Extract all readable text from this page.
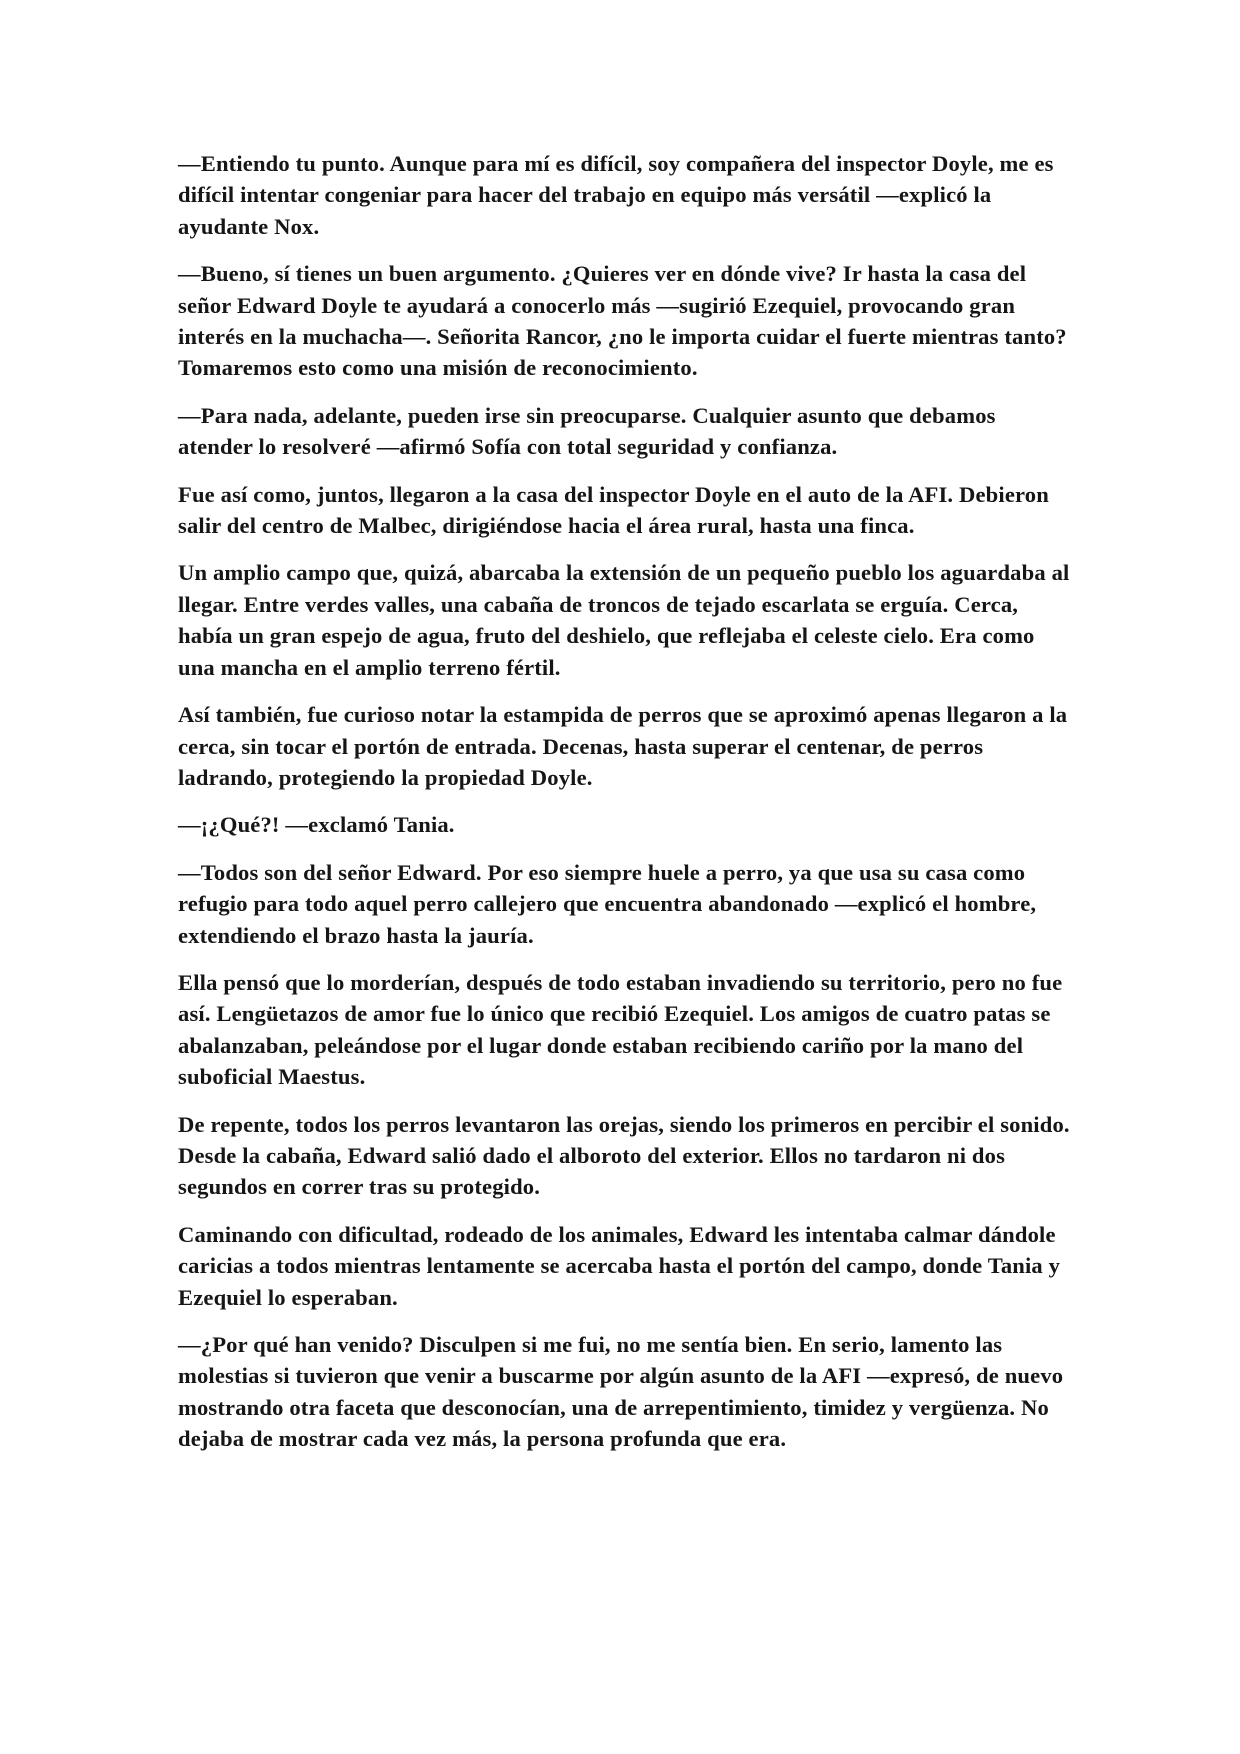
—Entiendo tu punto. Aunque para mí es difícil, soy compañera del inspector Doyle, me es difícil intentar congeniar para hacer del trabajo en equipo más versátil —explicó la ayudante Nox.

—Bueno, sí tienes un buen argumento. ¿Quieres ver en dónde vive? Ir hasta la casa del señor Edward Doyle te ayudará a conocerlo más —sugirió Ezequiel, provocando gran interés en la muchacha—. Señorita Rancor, ¿no le importa cuidar el fuerte mientras tanto? Tomaremos esto como una misión de reconocimiento.

—Para nada, adelante, pueden irse sin preocuparse. Cualquier asunto que debamos atender lo resolveré —afirmó Sofía con total seguridad y confianza.

Fue así como, juntos, llegaron a la casa del inspector Doyle en el auto de la AFI. Debieron salir del centro de Malbec, dirigiéndose hacia el área rural, hasta una finca.

Un amplio campo que, quizá, abarcaba la extensión de un pequeño pueblo los aguardaba al llegar. Entre verdes valles, una cabaña de troncos de tejado escarlata se erguía. Cerca, había un gran espejo de agua, fruto del deshielo, que reflejaba el celeste cielo. Era como una mancha en el amplio terreno fértil.

Así también, fue curioso notar la estampida de perros que se aproximó apenas llegaron a la cerca, sin tocar el portón de entrada. Decenas, hasta superar el centenar, de perros ladrando, protegiendo la propiedad Doyle.

—¡¿Qué?! —exclamó Tania.

—Todos son del señor Edward. Por eso siempre huele a perro, ya que usa su casa como refugio para todo aquel perro callejero que encuentra abandonado —explicó el hombre, extendiendo el brazo hasta la jauría.

Ella pensó que lo morderían, después de todo estaban invadiendo su territorio, pero no fue así. Lengüetazos de amor fue lo único que recibió Ezequiel. Los amigos de cuatro patas se abalanzaban, peleándose por el lugar donde estaban recibiendo cariño por la mano del suboficial Maestus.

De repente, todos los perros levantaron las orejas, siendo los primeros en percibir el sonido. Desde la cabaña, Edward salió dado el alboroto del exterior. Ellos no tardaron ni dos segundos en correr tras su protegido.

Caminando con dificultad, rodeado de los animales, Edward les intentaba calmar dándole caricias a todos mientras lentamente se acercaba hasta el portón del campo, donde Tania y Ezequiel lo esperaban.

—¿Por qué han venido? Disculpen si me fui, no me sentía bien. En serio, lamento las molestias si tuvieron que venir a buscarme por algún asunto de la AFI —expresó, de nuevo mostrando otra faceta que desconocían, una de arrepentimiento, timidez y vergüenza. No dejaba de mostrar cada vez más, la persona profunda que era.
